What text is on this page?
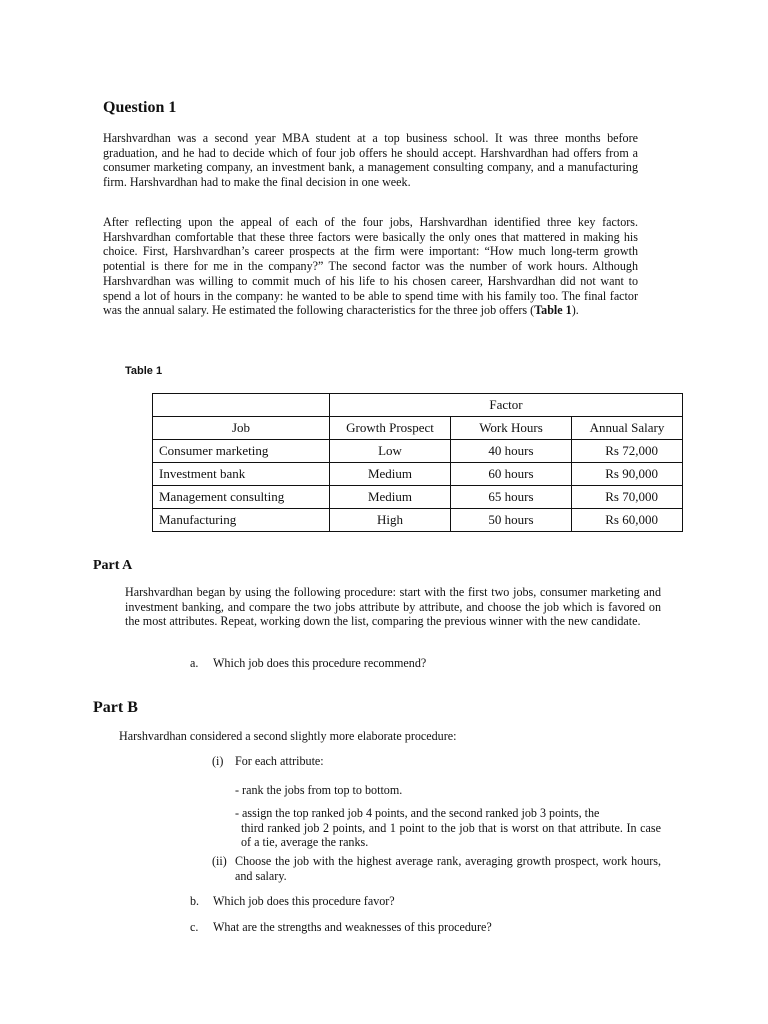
Question 1

Harshvardhan was a second year MBA student at a top business school. It was three months before graduation, and he had to decide which of four job offers he should accept. Harshvardhan had offers from a consumer marketing company, an investment bank, a management consulting company, and a manufacturing firm. Harshvardhan had to make the final decision in one week.

After reflecting upon the appeal of each of the four jobs, Harshvardhan identified three key factors. Harshvardhan comfortable that these three factors were basically the only ones that mattered in making his choice. First, Harshvardhan’s career prospects at the firm were important: “How much long-term growth potential is there for me in the company?” The second factor was the number of work hours. Although Harshvardhan was willing to commit much of his life to his chosen career, Harshvardhan did not want to spend a lot of hours in the company: he wanted to be able to spend time with his family too. The final factor was the annual salary. He estimated the following characteristics for the three job offers (Table 1).

Table 1

	Factor		
Job	Growth Prospect	Work Hours	Annual Salary
Consumer marketing	Low	40 hours	Rs 72,000
Investment bank	Medium	60 hours	Rs 90,000
Management consulting	Medium	65 hours	Rs 70,000
Manufacturing	High	50 hours	Rs 60,000
Part A

Harshvardhan began by using the following procedure: start with the first two jobs, consumer marketing and investment banking, and compare the two jobs attribute by attribute, and choose the job which is favored on the most attributes. Repeat, working down the list, comparing the previous winner with the new candidate.

a. Which job does this procedure recommend?
Part B

Harshvardhan considered a second slightly more elaborate procedure:

(i) For each attribute:

- rank the jobs from top to bottom.

- assign the top ranked job 4 points, and the second ranked job 3 points, the
third ranked job 2 points, and 1 point to the job that is worst on that attribute. In case of a tie, average the ranks.

(ii) Choose the job with the highest average rank, averaging growth prospect, work hours, and salary.
b. Which job does this procedure favor?
c. What are the strengths and weaknesses of this procedure?
